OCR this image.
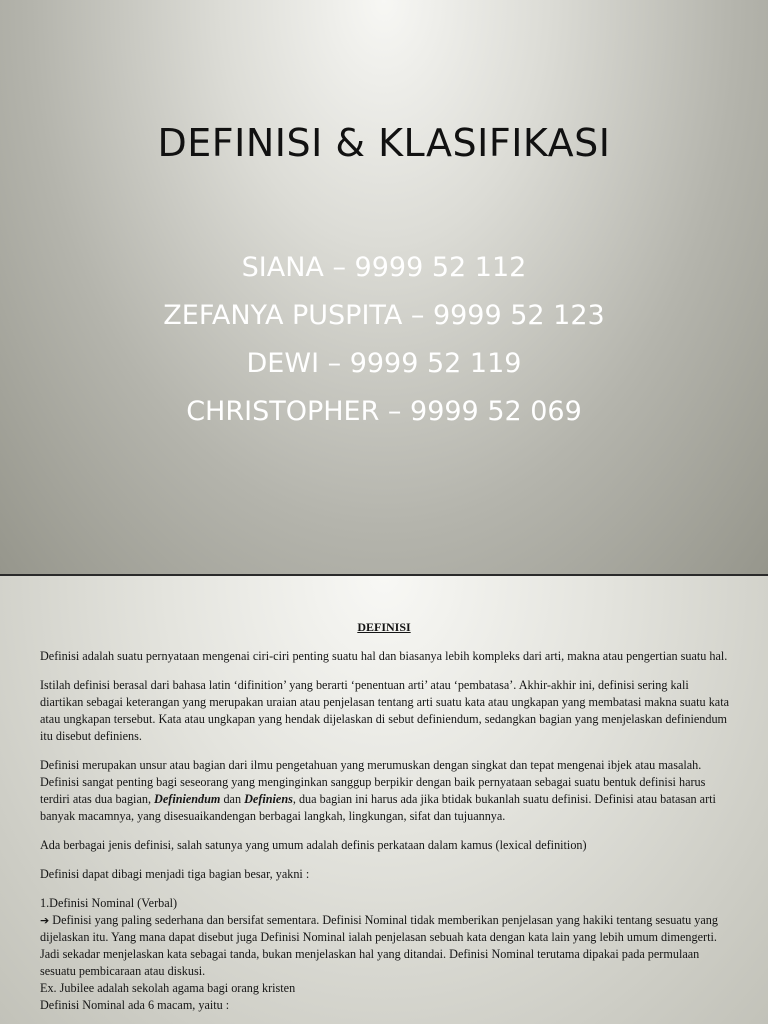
DEFINISI & KLASIFIKASI
SIANA – 9999 52 112
ZEFANYA PUSPITA – 9999 52 123
DEWI – 9999 52 119
CHRISTOPHER – 9999 52 069
DEFINISI

Definisi adalah suatu pernyataan mengenai ciri-ciri penting suatu hal dan biasanya lebih kompleks dari arti, makna atau pengertian suatu hal.

Istilah definisi berasal dari bahasa latin ‘difinition’ yang berarti ‘penentuan arti’ atau ‘pembatasa’. Akhir-akhir ini, definisi sering kali diartikan sebagai keterangan yang merupakan uraian atau penjelasan tentang arti suatu kata atau ungkapan yang membatasi makna suatu kata atau ungkapan tersebut. Kata atau ungkapan yang hendak dijelaskan di sebut definiendum, sedangkan bagian yang menjelaskan definiendum itu disebut definiens.

Definisi merupakan unsur atau bagian dari ilmu pengetahuan yang merumuskan dengan singkat dan tepat mengenai ibjek atau masalah. Definisi sangat penting bagi seseorang yang menginginkan sanggup berpikir dengan baik pernyataan sebagai suatu bentuk definisi harus terdiri atas dua bagian, Definiendum dan Definiens, dua bagian ini harus ada jika btidak bukanlah suatu definisi. Definisi atau batasan arti banyak macamnya, yang disesuaikandengan berbagai langkah, lingkungan, sifat dan tujuannya.

Ada berbagai jenis definisi, salah satunya yang umum adalah definis perkataan dalam kamus (lexical definition)

Definisi dapat dibagi menjadi tiga bagian besar, yakni :

1.Definisi Nominal (Verbal)

➔ Definisi yang paling sederhana dan bersifat sementara. Definisi Nominal tidak memberikan penjelasan yang hakiki tentang sesuatu yang dijelaskan itu. Yang mana dapat disebut juga Definisi Nominal ialah penjelasan sebuah kata dengan kata lain yang lebih umum dimengerti. Jadi sekadar menjelaskan kata sebagai tanda, bukan menjelaskan hal yang ditandai. Definisi Nominal terutama dipakai pada permulaan sesuatu pembicaraan atau diskusi.

Ex. Jubilee adalah sekolah agama bagi orang kristen

Definisi Nominal ada 6 macam, yaitu :
